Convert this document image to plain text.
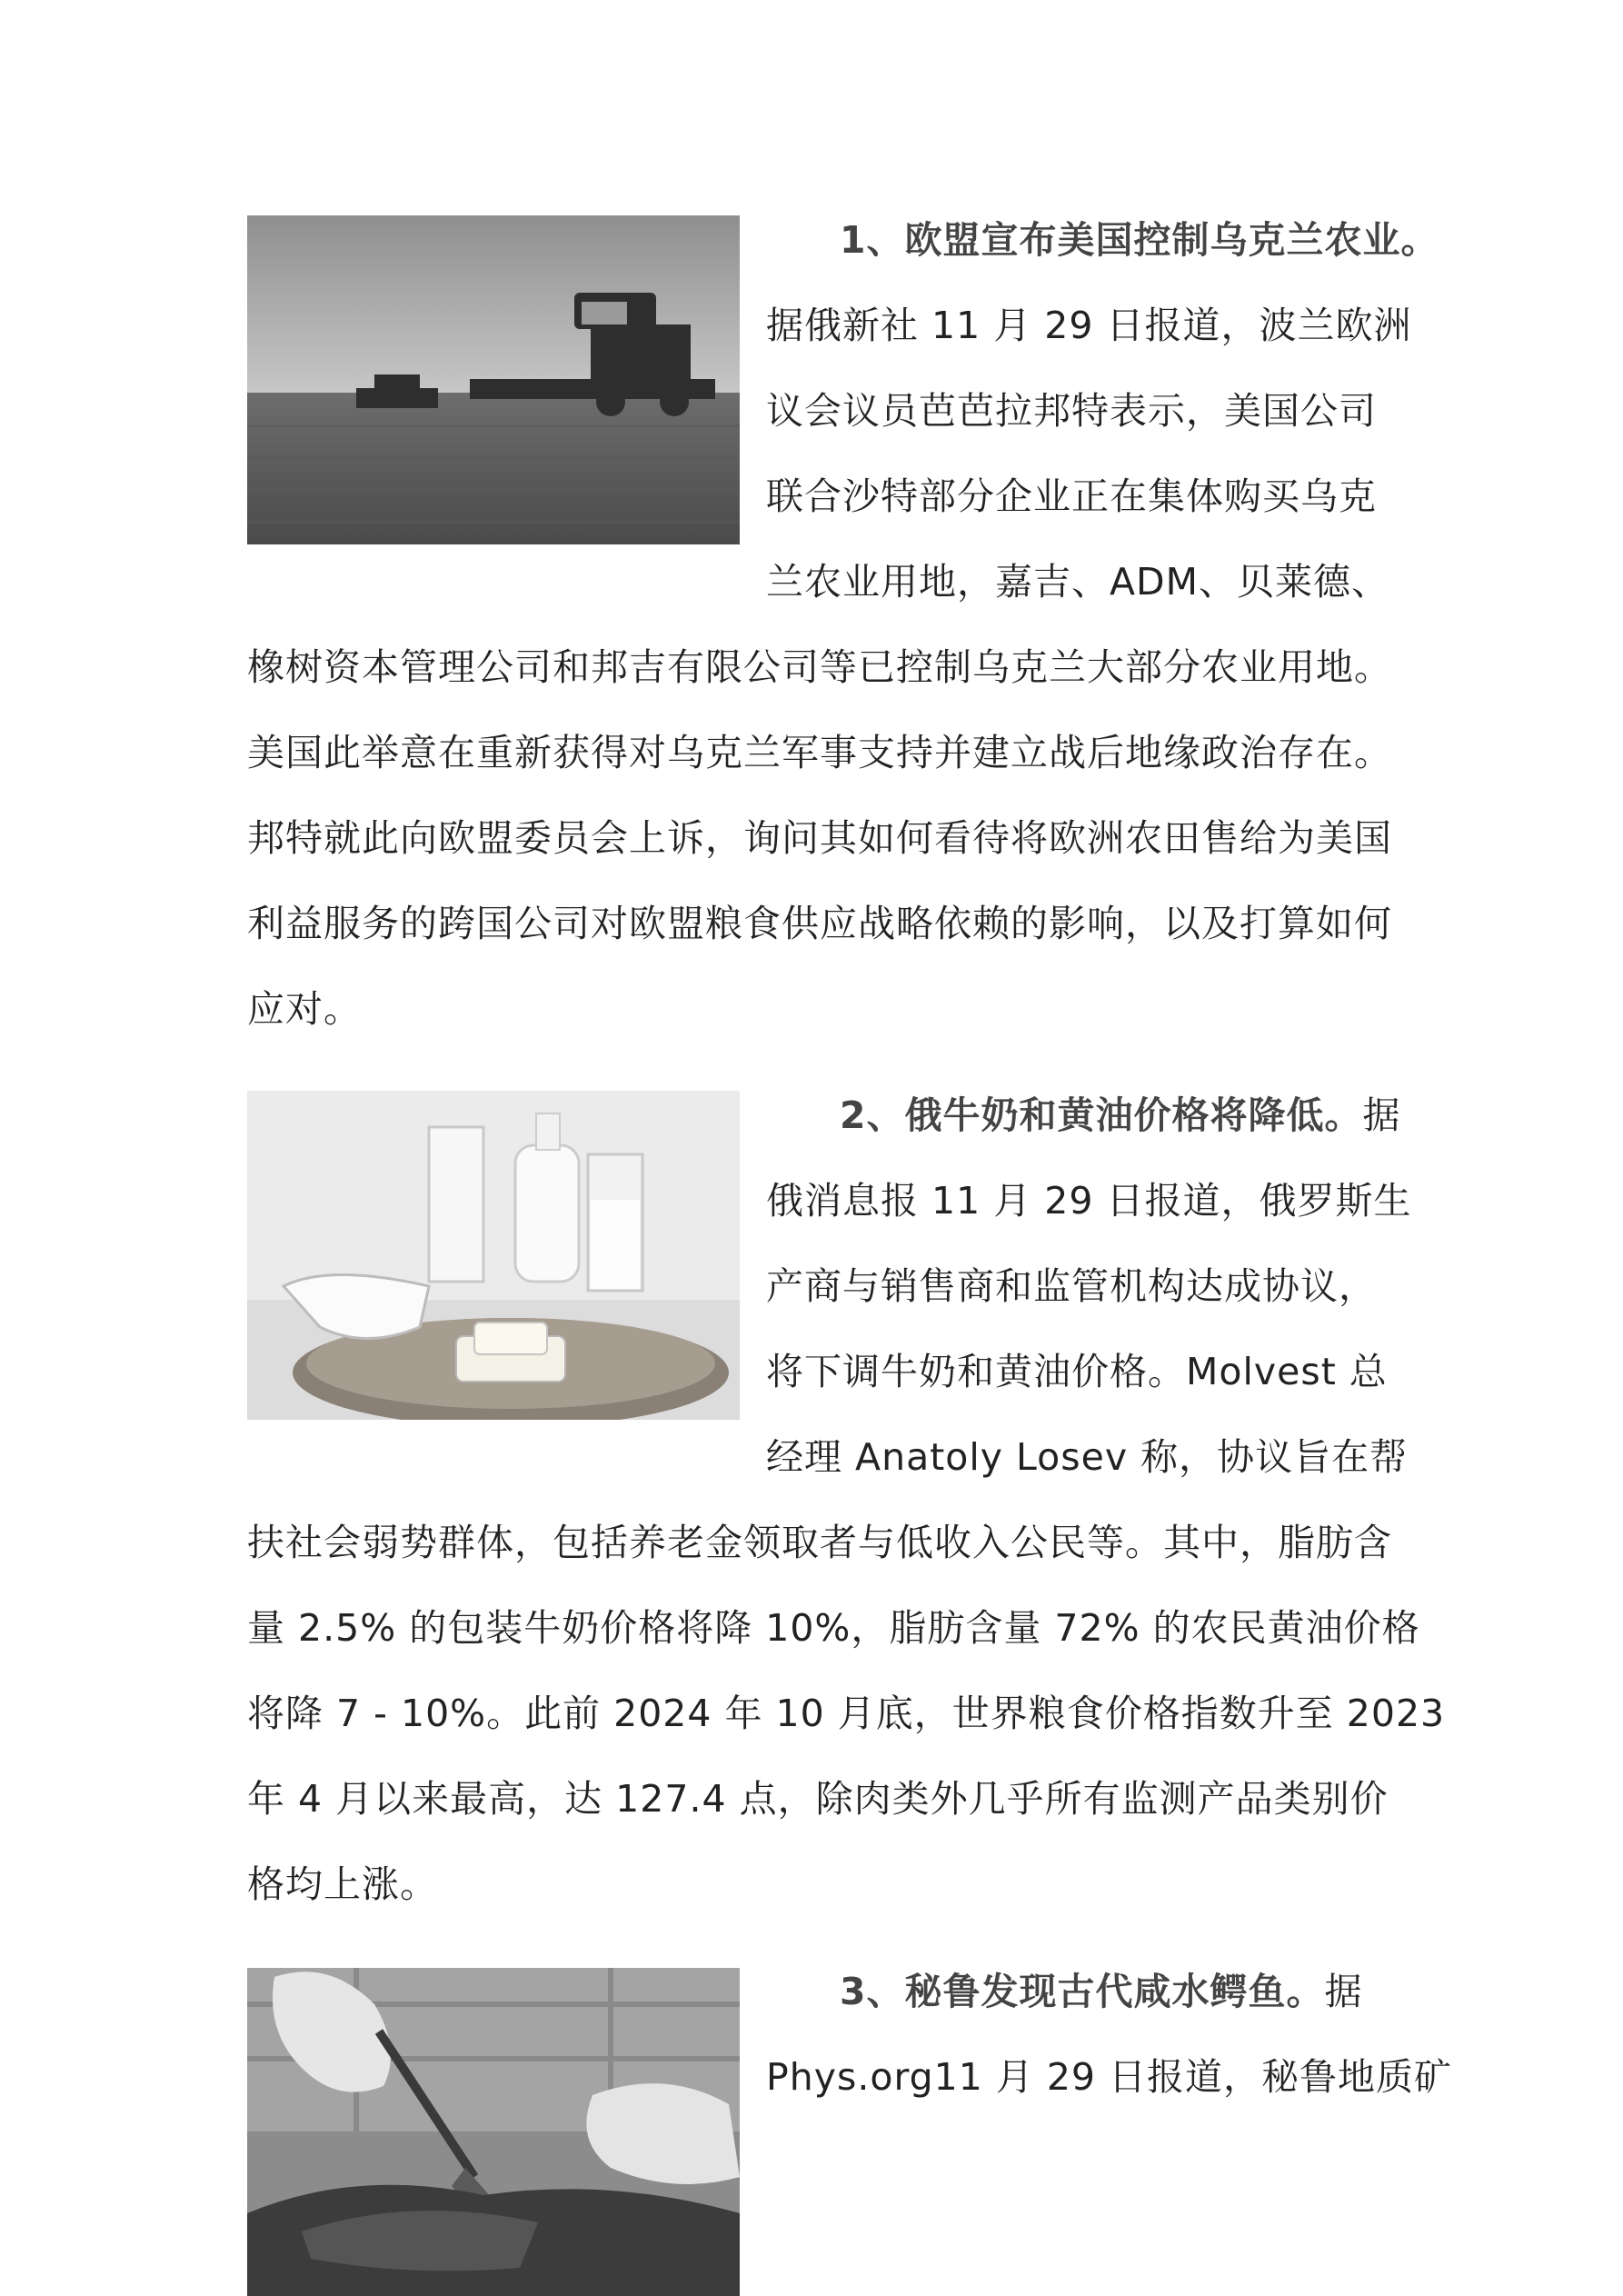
1、欧盟宣布美国控制乌克兰农业。
据俄新社 11 月 29 日报道，波兰欧洲
议会议员芭芭拉邦特表示，美国公司
联合沙特部分企业正在集体购买乌克
兰农业用地，嘉吉、ADM、贝莱德、
橡树资本管理公司和邦吉有限公司等已控制乌克兰大部分农业用地。
美国此举意在重新获得对乌克兰军事支持并建立战后地缘政治存在。
邦特就此向欧盟委员会上诉，询问其如何看待将欧洲农田售给为美国
利益服务的跨国公司对欧盟粮食供应战略依赖的影响，以及打算如何
应对。
2、俄牛奶和黄油价格将降低。据
俄消息报 11 月 29 日报道，俄罗斯生
产商与销售商和监管机构达成协议，
将下调牛奶和黄油价格。Molvest 总
经理 Anatoly Losev 称，协议旨在帮
扶社会弱势群体，包括养老金领取者与低收入公民等。其中，脂肪含
量 2.5% 的包装牛奶价格将降 10%，脂肪含量 72% 的农民黄油价格
将降 7 - 10%。此前 2024 年 10 月底，世界粮食价格指数升至 2023
年 4 月以来最高，达 127.4 点，除肉类外几乎所有监测产品类别价
格均上涨。
3、秘鲁发现古代咸水鳄鱼。据
Phys.org11 月 29 日报道，秘鲁地质矿
